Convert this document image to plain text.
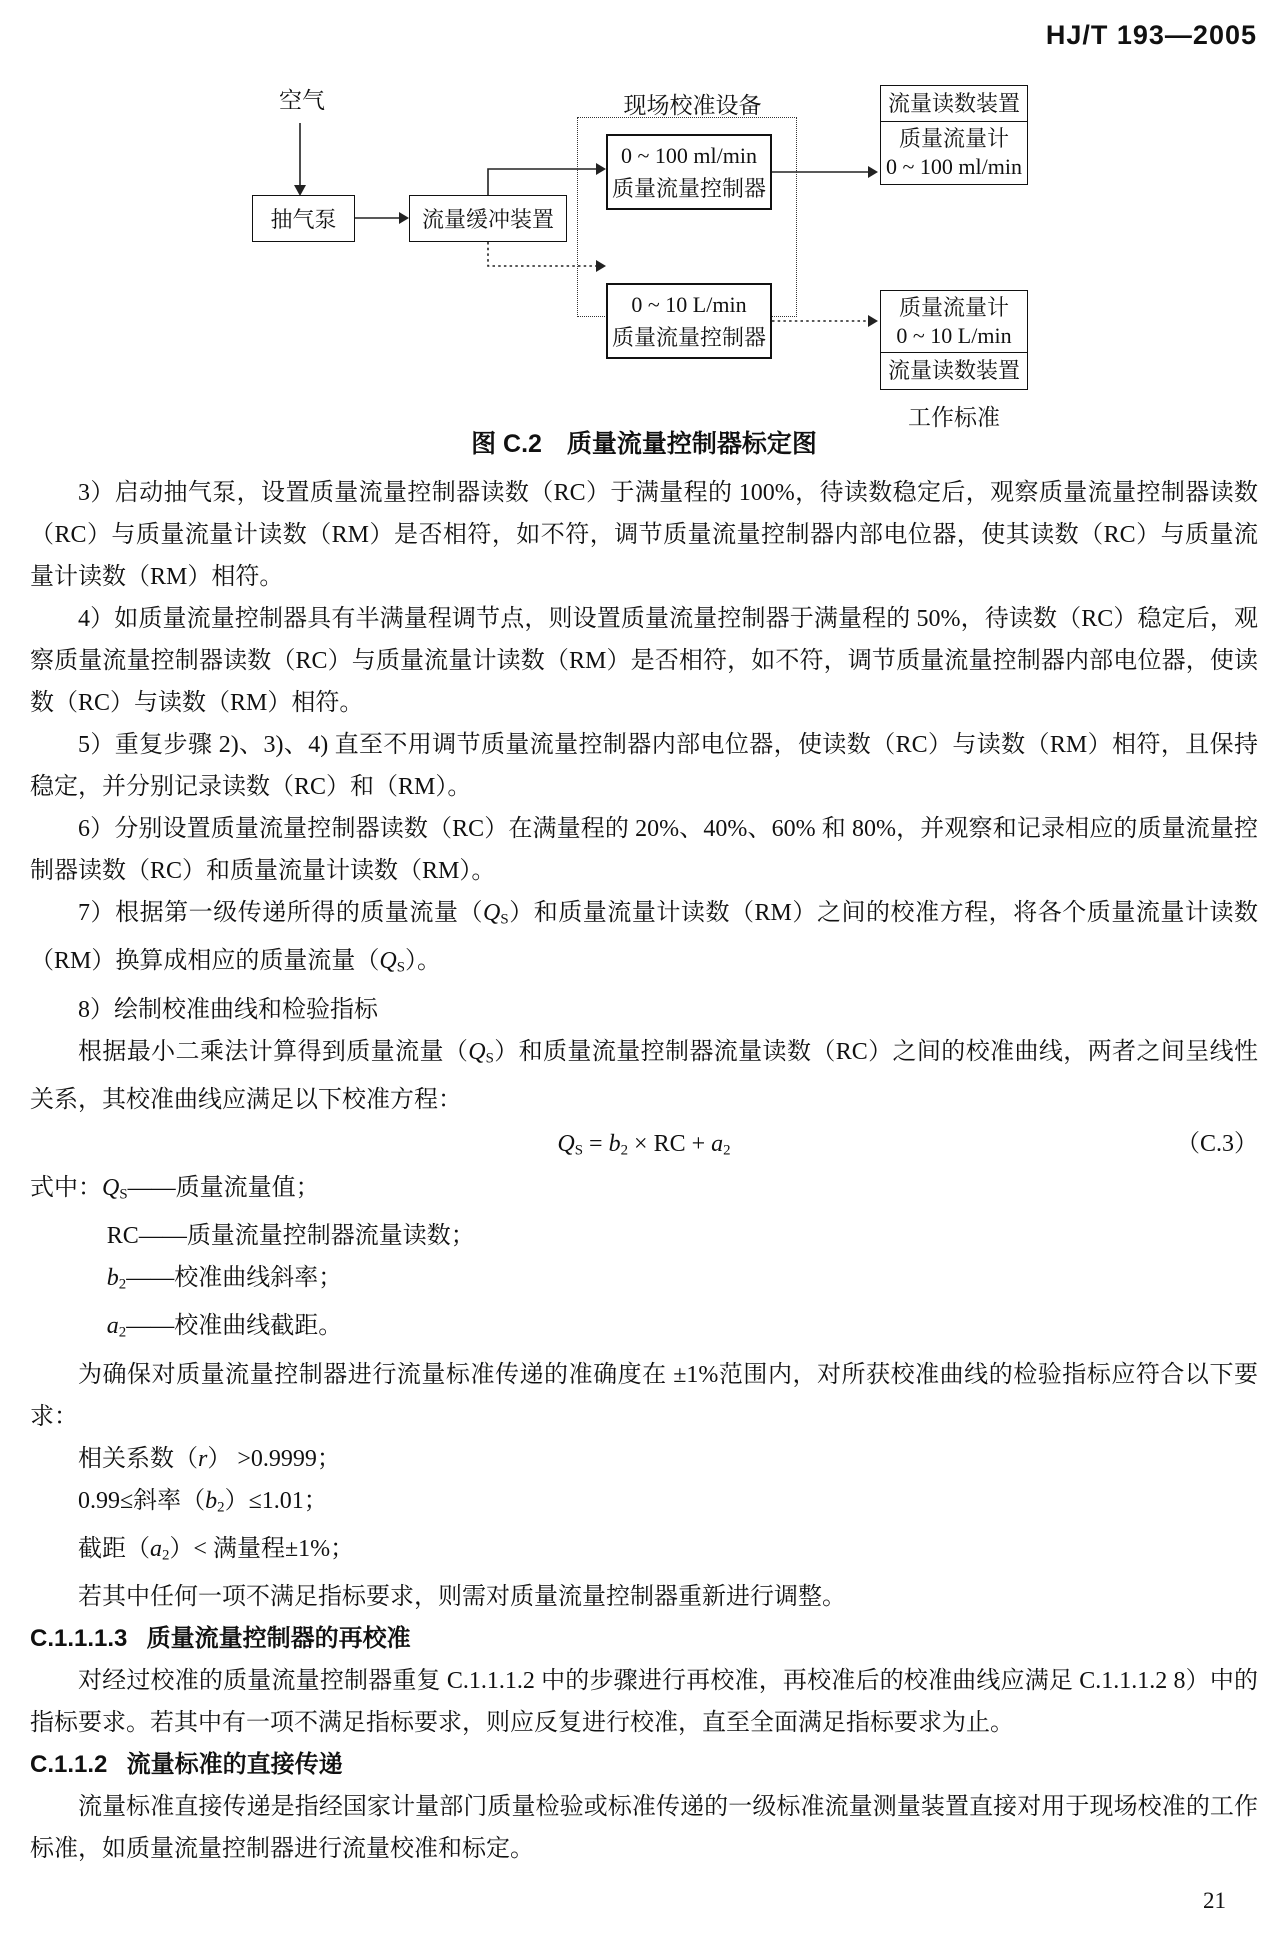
HJ/T 193—2005
空气
抽气泵	流量缓冲装置
现场校准设备
0 ~ 100 ml/min
质量流量控制器
0 ~ 10 L/min
质量流量控制器
流量读数装置
质量流量计
0 ~ 100 ml/min
质量流量计
0 ~ 10 L/min
流量读数装置
工作标准
图 C.2　质量流量控制器标定图

3）启动抽气泵，设置质量流量控制器读数（RC）于满量程的 100%，待读数稳定后，观察质量流量控制器读数（RC）与质量流量计读数（RM）是否相符，如不符，调节质量流量控制器内部电位器，使其读数（RC）与质量流量计读数（RM）相符。

4）如质量流量控制器具有半满量程调节点，则设置质量流量控制器于满量程的 50%，待读数（RC）稳定后，观察质量流量控制器读数（RC）与质量流量计读数（RM）是否相符，如不符，调节质量流量控制器内部电位器，使读数（RC）与读数（RM）相符。

5）重复步骤 2)、3)、4) 直至不用调节质量流量控制器内部电位器，使读数（RC）与读数（RM）相符，且保持稳定，并分别记录读数（RC）和（RM）。

6）分别设置质量流量控制器读数（RC）在满量程的 20%、40%、60% 和 80%，并观察和记录相应的质量流量控制器读数（RC）和质量流量计读数（RM）。

7）根据第一级传递所得的质量流量（QS）和质量流量计读数（RM）之间的校准方程，将各个质量流量计读数（RM）换算成相应的质量流量（QS）。

8）绘制校准曲线和检验指标

根据最小二乘法计算得到质量流量（QS）和质量流量控制器流量读数（RC）之间的校准曲线，两者之间呈线性关系，其校准曲线应满足以下校准方程：

QS = b2 × RC + a2	（C.3）

式中：QS——质量流量值；

RC——质量流量控制器流量读数；

b2——校准曲线斜率；

a2——校准曲线截距。

为确保对质量流量控制器进行流量标准传递的准确度在 ±1%范围内，对所获校准曲线的检验指标应符合以下要求：

相关系数（r） >0.9999；

0.99≤斜率（b2）≤1.01；

截距（a2）< 满量程±1%；

若其中任何一项不满足指标要求，则需对质量流量控制器重新进行调整。

C.1.1.1.3 质量流量控制器的再校准

对经过校准的质量流量控制器重复 C.1.1.1.2 中的步骤进行再校准，再校准后的校准曲线应满足 C.1.1.1.2 8）中的指标要求。若其中有一项不满足指标要求，则应反复进行校准，直至全面满足指标要求为止。

C.1.1.2 流量标准的直接传递

流量标准直接传递是指经国家计量部门质量检验或标准传递的一级标准流量测量装置直接对用于现场校准的工作标准，如质量流量控制器进行流量校准和标定。

21
